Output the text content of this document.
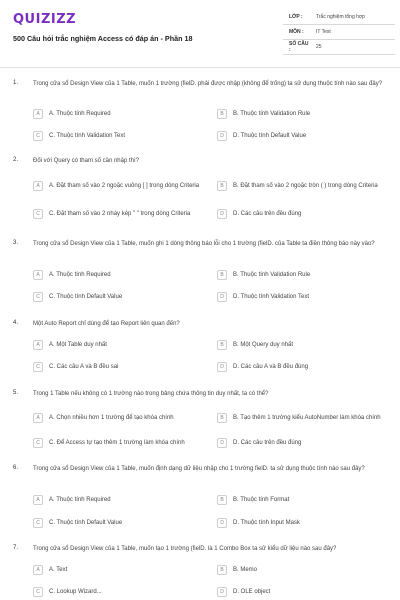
QUIZIZZ
500 Câu hỏi trắc nghiệm Access có đáp án - Phần 18
LỚP :	Trắc nghiệm tổng hợp
MÔN :	IT Test
SỐ CÂU :	25
1. Trong cửa sổ Design View của 1 Table, muốn 1 trường (fielD. phải được nhập (không để trống) ta sử dụng thuộc tính nào sau đây?
A	A. Thuộc tính Required	B	B. Thuộc tính Validation Rule
C	C. Thuộc tính Validation Text	D	D. Thuộc tính Default Value
2. Đối với Query có tham số cần nhập thì?
A	A. Đặt tham số vào 2 ngoặc vuông [ ] trong dòng Criteria	B	B. Đặt tham số vào 2 ngoặc tròn ( ) trong dòng Criteria
C	C. Đặt tham số vào 2 nháy kép " " trong dòng Criteria	D	D. Các câu trên đều đúng
3. Trong cửa sổ Design View của 1 Table, muốn ghi 1 dòng thông báo lỗi cho 1 trường (fielD. của Table ta điền thông báo này vào?
A	A. Thuộc tính Required	B	B. Thuộc tính Validation Rule
C	C. Thuộc tính Default Value	D	D. Thuộc tính Validation Text
4. Một Auto Report chỉ dùng để tạo Report liên quan đến?
A	A. Một Table duy nhất	B	B. Một Query duy nhất
C	C. Các câu A và B đều sai	D	D. Các câu A và B đều đúng
5. Trong 1 Table nếu không có 1 trường nào trong bảng chứa thông tin duy nhất, ta có thể?
A	A. Chọn nhiều hơn 1 trường để tạo khóa chính	B	B. Tạo thêm 1 trường kiểu AutoNumber làm khóa chính
C	C. Để Access tự tạo thêm 1 trường làm khóa chính	D	D. Các câu trên đều đúng
6. Trong cửa sổ Design View của 1 Table, muốn định dạng dữ liệu nhập cho 1 trường fielD. ta sử dụng thuộc tính nào sau đây?
A	A. Thuộc tính Required	B	B. Thuộc tính Format
C	C. Thuộc tính Default Value	D	D. Thuộc tính Input Mask
7. Trong cửa sổ Design View của 1 Table, muốn tạo 1 trường (fielD. là 1 Combo Box ta sử kiểu dữ liệu nào sau đây?
A	A. Text	B	B. Memo
C	C. Lookup Wizard...	D	D. OLE object
